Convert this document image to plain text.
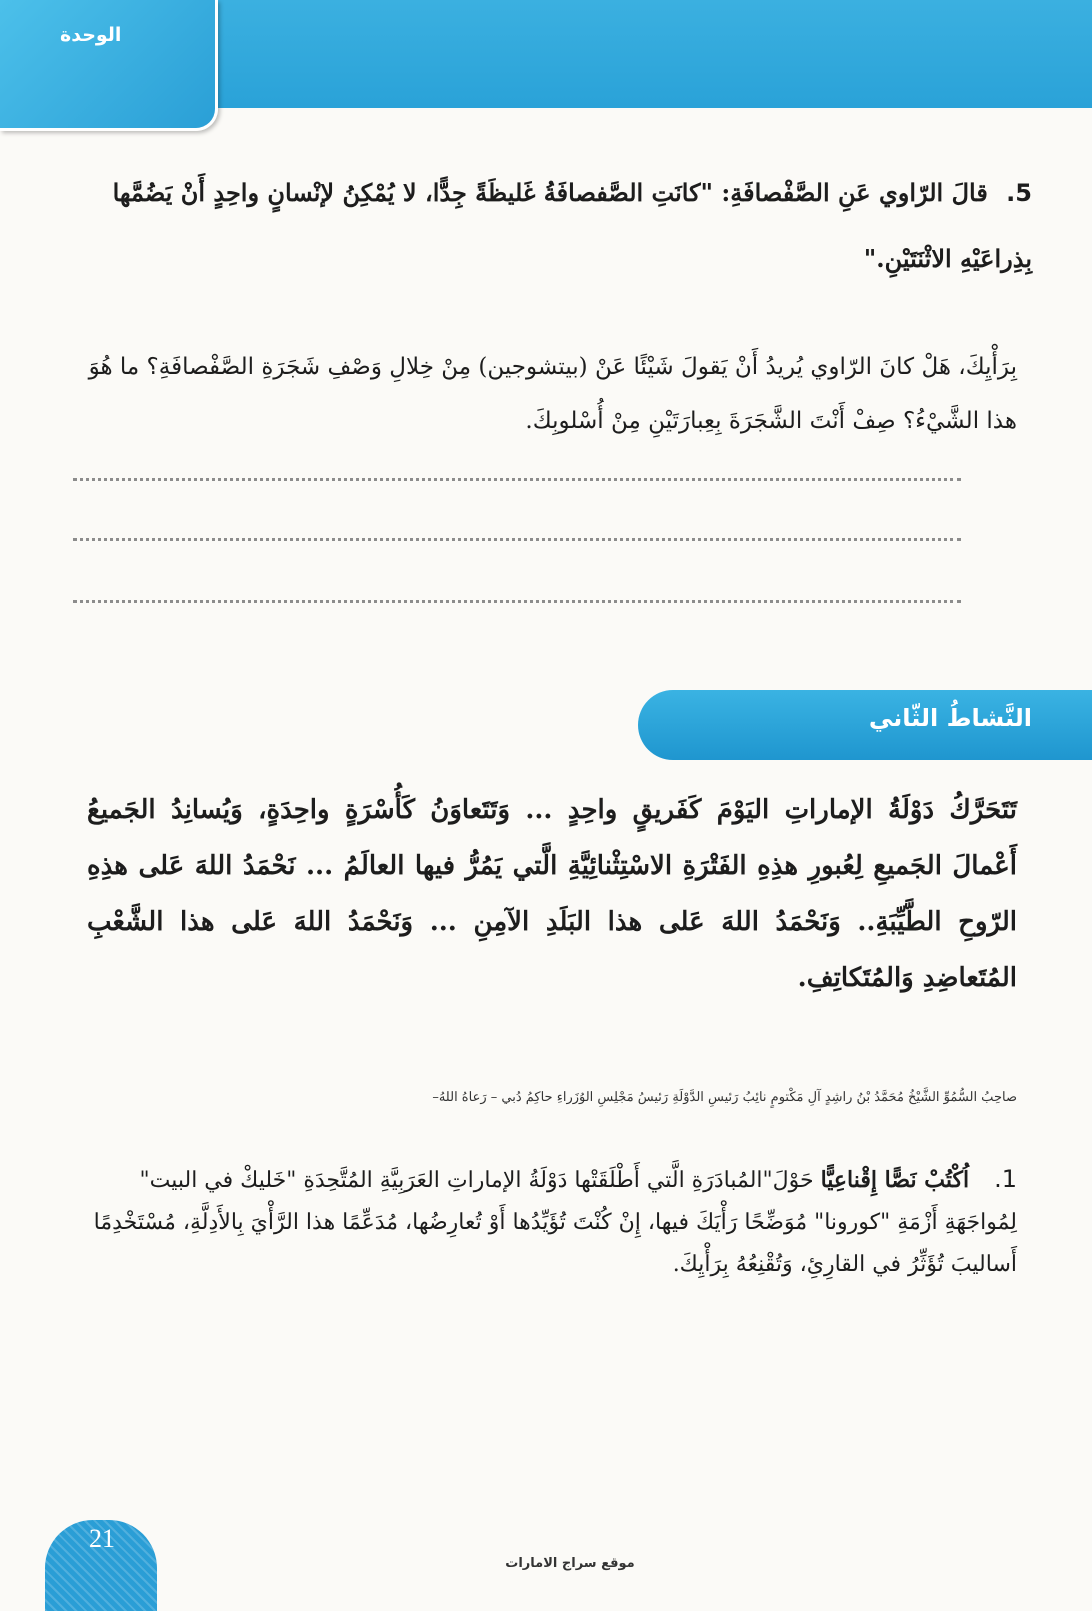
الوحدة
5. قالَ الرّاوي عَنِ الصَّفْصافَةِ: "كانَتِ الصَّفصافَةُ غَليظَةً جِدًّا، لا يُمْكِنُ لإنْسانٍ واحِدٍ أَنْ يَضُمَّها بِذِراعَيْهِ الاثْنَتَيْنِ."
بِرَأْيِكَ، هَلْ كانَ الرّاوي يُريدُ أَنْ يَقولَ شَيْئًا عَنْ (بيتشوجين) مِنْ خِلالِ وَصْفِ شَجَرَةِ الصَّفْصافَةِ؟ ما هُوَ هذا الشَّيْءُ؟ صِفْ أَنْتَ الشَّجَرَةَ بِعِبارَتَيْنِ مِنْ أُسْلوبِكَ.
النَّشاطُ الثّاني
تَتَحَرَّكُ دَوْلَةُ الإماراتِ اليَوْمَ كَفَريقٍ واحِدٍ ... وَتَتَعاوَنُ كَأُسْرَةٍ واحِدَةٍ، وَيُسانِدُ الجَميعُ أَعْمالَ الجَميعِ لِعُبورِ هذِهِ الفَتْرَةِ الاسْتِثْنائِيَّةِ الَّتي يَمُرُّ فيها العالَمُ ... نَحْمَدُ اللهَ عَلى هذِهِ الرّوحِ الطَّيِّبَةِ.. وَنَحْمَدُ اللهَ عَلى هذا البَلَدِ الآمِنِ ... وَنَحْمَدُ اللهَ عَلى هذا الشَّعْبِ المُتَعاضِدِ وَالمُتَكاتِفِ.
صاحِبُ السُّمُوِّ الشَّيْخُ مُحَمَّدُ بْنُ راشِدٍ آلِ مَكْتومٍ نائِبُ رَئيسِ الدَّوْلَةِ رَئيسُ مَجْلِسِ الوُزَراءِ حاكِمُ دُبي – رَعاهُ اللهُ–
1. اُكْتُبْ نَصًّا إِقْناعِيًّا حَوْلَ"المُبادَرَةِ الَّتي أَطْلَقَتْها دَوْلَةُ الإماراتِ العَرَبِيَّةِ المُتَّحِدَةِ "خَليكْ في البيت" لِمُواجَهَةِ أَزْمَةِ "كورونا" مُوَضِّحًا رَأْيَكَ فيها، إِنْ كُنْتَ تُؤَيِّدُها أَوْ تُعارِضُها، مُدَعِّمًا هذا الرَّأْيَ بِالأَدِلَّةِ، مُسْتَخْدِمًا أَساليبَ تُؤَثِّرُ في القارِئِ، وَتُقْنِعُهُ بِرَأْيِكَ.
21
موقع سراج الامارات
